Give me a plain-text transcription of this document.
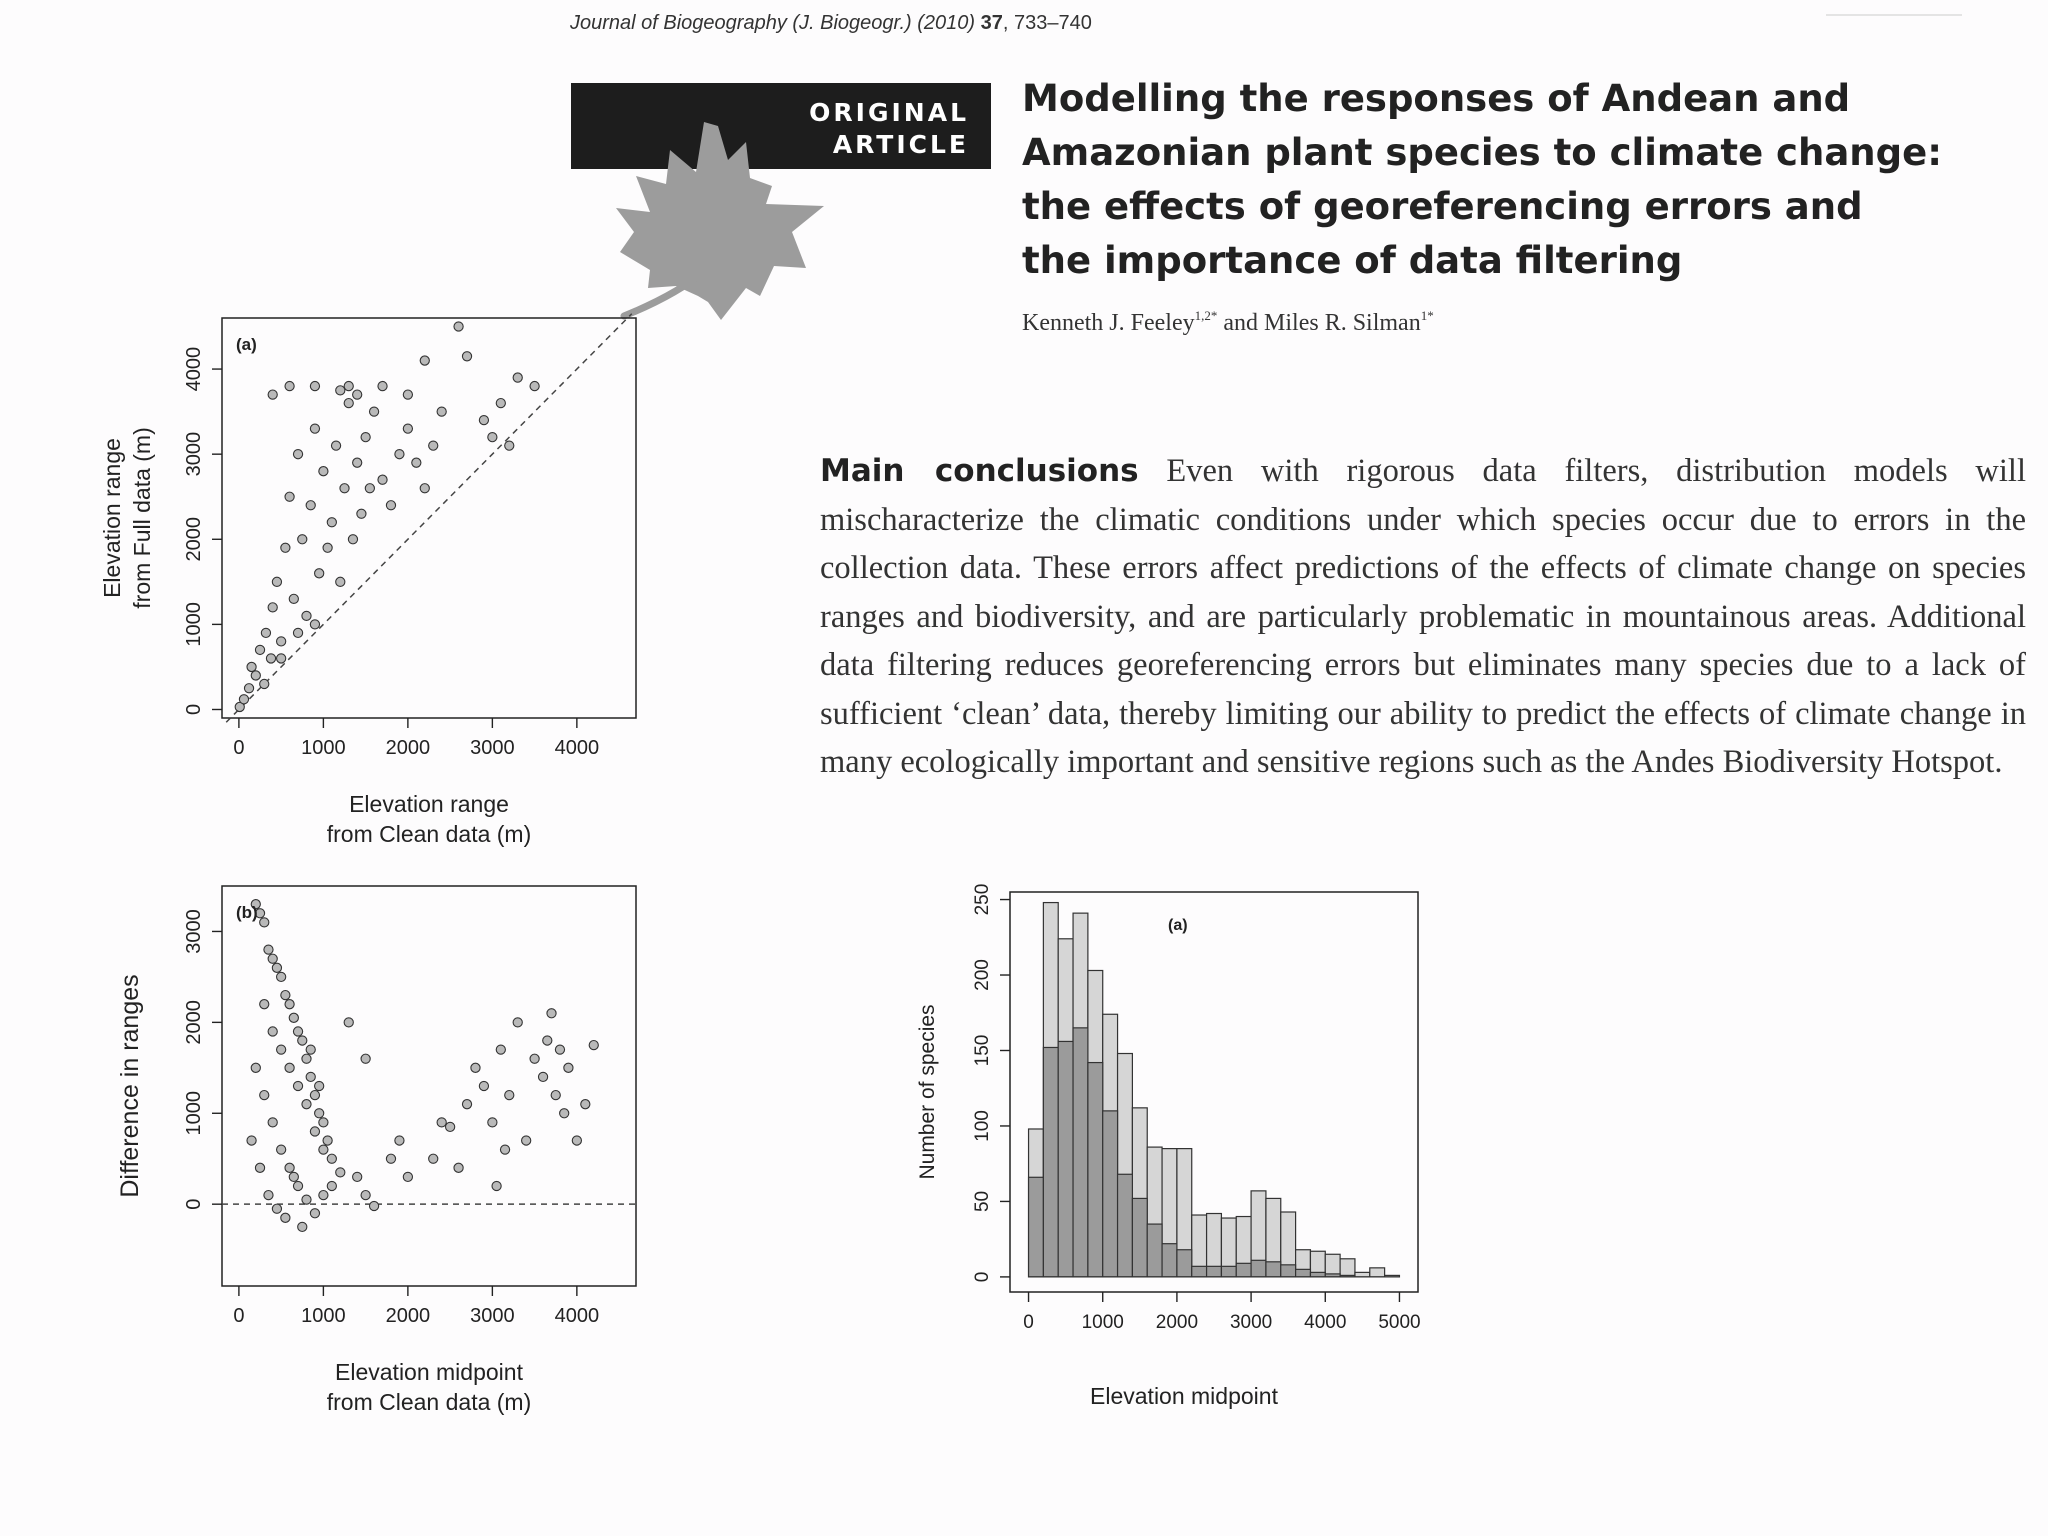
Journal of Biogeography (J. Biogeogr.) (2010) 37, 733–740
ORIGINAL
ARTICLE
Modelling the responses of Andean and Amazonian plant species to climate change: the effects of georeferencing errors and the importance of data filtering
Kenneth J. Feeley$^{1,2*}$ and Miles R. Silman$^{1*}$
Main conclusions Even with rigorous data filters, distribution models will mischaracterize the climatic conditions under which species occur due to errors in the collection data. These errors affect predictions of the effects of climate change on species ranges and biodiversity, and are particularly problematic in mountainous areas. Additional data filtering reduces georeferencing errors but eliminates many species due to a lack of sufficient ‘clean’ data, thereby limiting our ability to predict the effects of climate change in many ecologically important and sensitive regions such as the Andes Biodiversity Hotspot.
0	1000 2000 3000 4000
0
1000
2000
3000
4000
(a)
Elevation range
from Clean data (m)
Elevation range from Full data (m)
0	1000 2000 3000 4000
0
1000
2000
3000 (b)
Elevation midpoint
from Clean data (m)
Difference in ranges
0	1000 2000 3000 4000 5000
0
50
100
150
200
250
(a)
Elevation midpoint
Number of species
